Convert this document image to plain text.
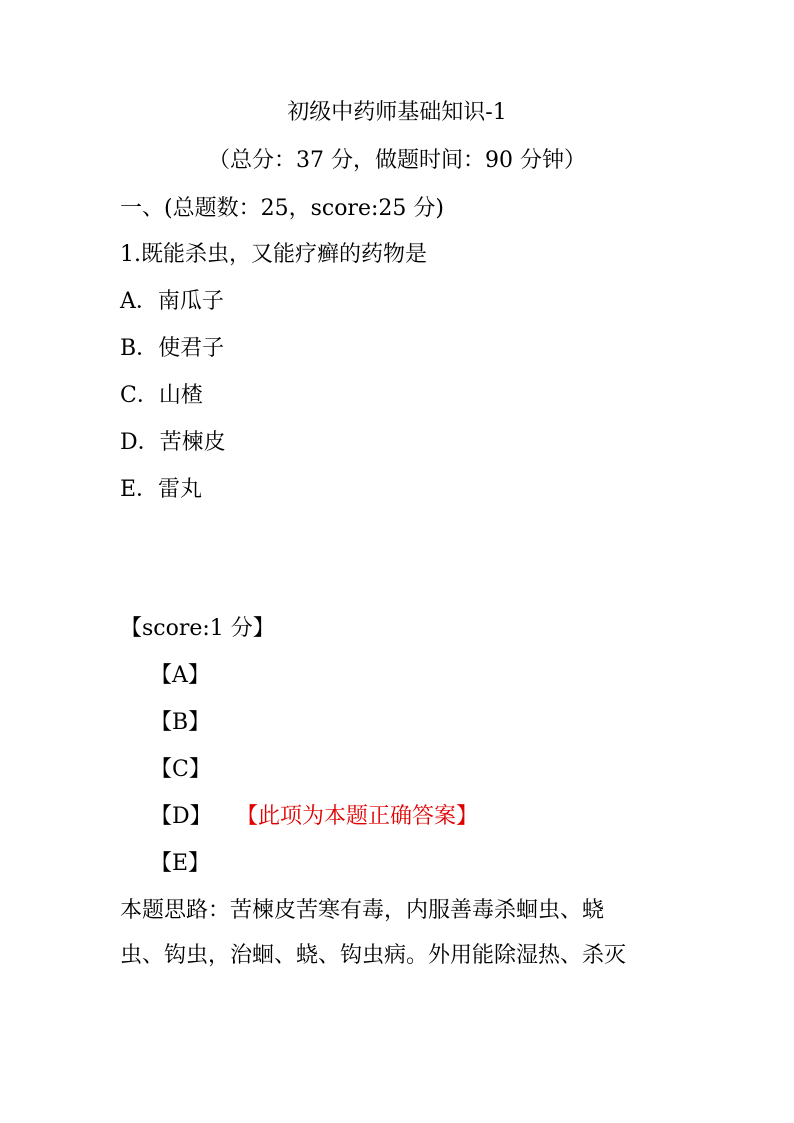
初级中药师基础知识-1
（总分：37 分，做题时间：90 分钟）
一、(总题数：25，score:25 分)
1.既能杀虫，又能疗癣的药物是
A．南瓜子
B．使君子
C．山楂
D．苦楝皮
E．雷丸
【score:1 分】
【A】
【B】
【C】
【D】 【此项为本题正确答案】
【E】
本题思路：苦楝皮苦寒有毒，内服善毒杀蛔虫、蛲
虫、钩虫，治蛔、蛲、钩虫病。外用能除湿热、杀灭
